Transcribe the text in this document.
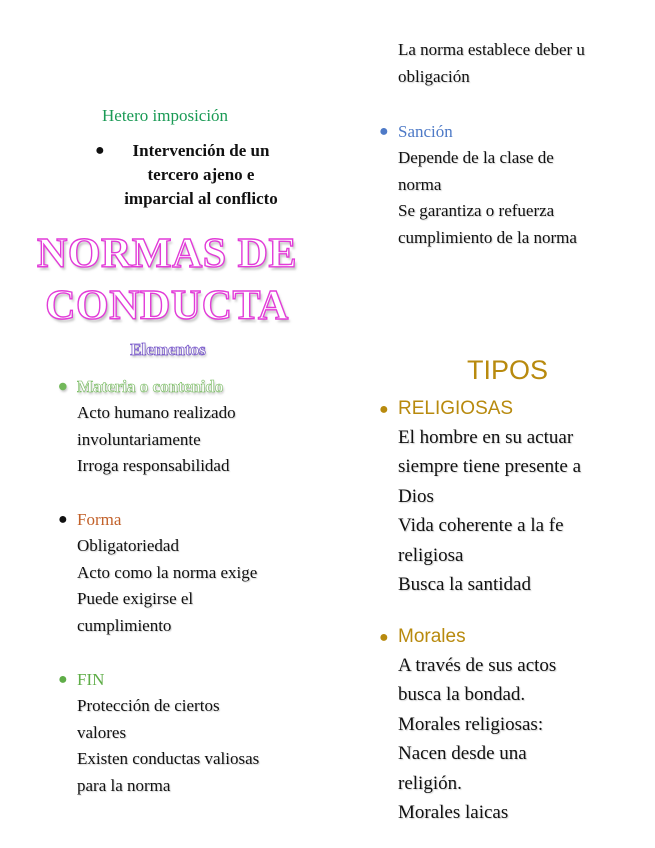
Hetero imposición
● Intervención de un tercero ajeno e imparcial al conflicto
NORMAS DE
CONDUCTA
Elementos
● Materia o contenido
Acto humano realizado
involuntariamente
Irroga responsabilidad
● Forma
Obligatoriedad
Acto como la norma exige
Puede exigirse el
cumplimiento
● FIN
Protección de ciertos
valores
Existen conductas valiosas
para la norma
La norma establece deber u
obligación
● Sanción
Depende de la clase de
norma
Se garantiza o refuerza
cumplimiento de la norma
TIPOS
● RELIGIOSAS
El hombre en su actuar
siempre tiene presente a
Dios
Vida coherente a la fe
religiosa
Busca la santidad
● Morales
A través de sus actos
busca la bondad.
Morales religiosas:
Nacen desde una
religión.
Morales laicas
